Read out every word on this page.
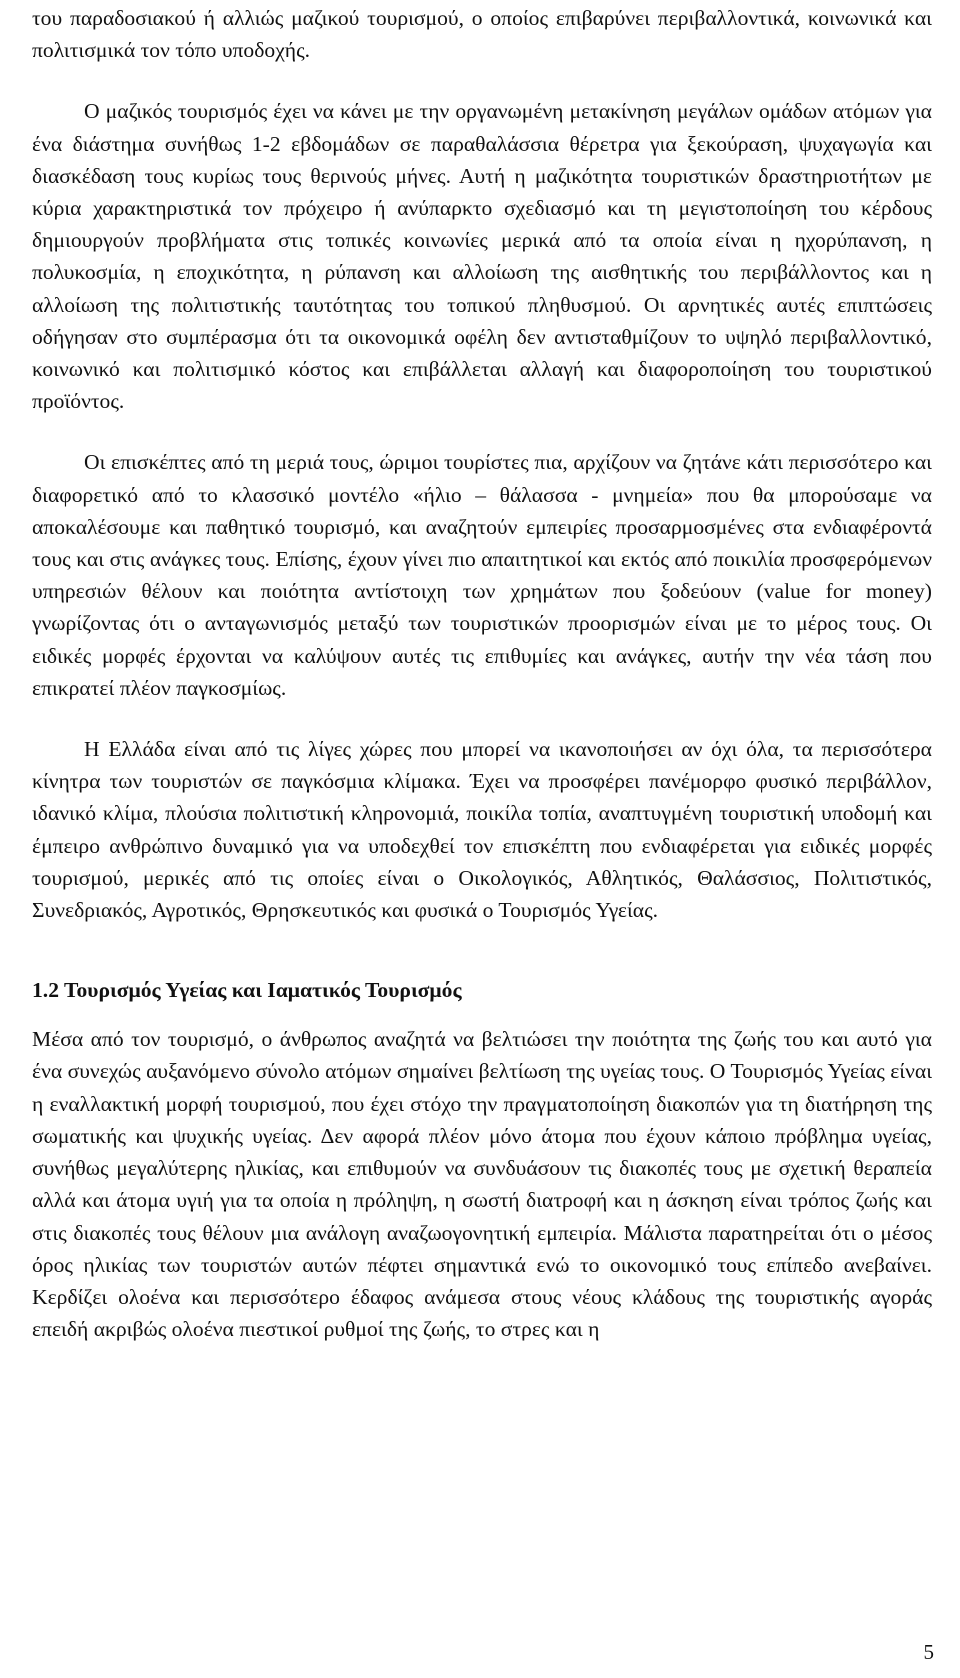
του παραδοσιακού ή αλλιώς μαζικού τουρισμού, ο οποίος επιβαρύνει περιβαλλοντικά, κοινωνικά και πολιτισμικά τον τόπο υποδοχής.

Ο μαζικός τουρισμός έχει να κάνει με την οργανωμένη μετακίνηση μεγάλων ομάδων ατόμων για ένα διάστημα συνήθως 1-2 εβδομάδων σε παραθαλάσσια θέρετρα για ξεκούραση, ψυχαγωγία και διασκέδαση τους κυρίως τους θερινούς μήνες. Αυτή η μαζικότητα τουριστικών δραστηριοτήτων με κύρια χαρακτηριστικά τον πρόχειρο ή ανύπαρκτο σχεδιασμό και τη μεγιστοποίηση του κέρδους δημιουργούν προβλήματα στις τοπικές κοινωνίες μερικά από τα οποία είναι η ηχορύπανση, η πολυκοσμία, η εποχικότητα, η ρύπανση και αλλοίωση της αισθητικής του περιβάλλοντος και η αλλοίωση της πολιτιστικής ταυτότητας του τοπικού πληθυσμού. Οι αρνητικές αυτές επιπτώσεις οδήγησαν στο συμπέρασμα ότι τα οικονομικά οφέλη δεν αντισταθμίζουν το υψηλό περιβαλλοντικό, κοινωνικό και πολιτισμικό κόστος και επιβάλλεται αλλαγή και διαφοροποίηση του τουριστικού προϊόντος.

Οι επισκέπτες από τη μεριά τους, ώριμοι τουρίστες πια, αρχίζουν να ζητάνε κάτι περισσότερο και διαφορετικό από το κλασσικό μοντέλο «ήλιο – θάλασσα - μνημεία» που θα μπορούσαμε να αποκαλέσουμε και παθητικό τουρισμό, και αναζητούν εμπειρίες προσαρμοσμένες στα ενδιαφέροντά τους και στις ανάγκες τους. Επίσης, έχουν γίνει πιο απαιτητικοί και εκτός από ποικιλία προσφερόμενων υπηρεσιών θέλουν και ποιότητα αντίστοιχη των χρημάτων που ξοδεύουν (value for money) γνωρίζοντας ότι ο ανταγωνισμός μεταξύ των τουριστικών προορισμών είναι με το μέρος τους. Οι ειδικές μορφές έρχονται να καλύψουν αυτές τις επιθυμίες και ανάγκες, αυτήν την νέα τάση που επικρατεί πλέον παγκοσμίως.

Η Ελλάδα είναι από τις λίγες χώρες που μπορεί να ικανοποιήσει αν όχι όλα, τα περισσότερα κίνητρα των τουριστών σε παγκόσμια κλίμακα. Έχει να προσφέρει πανέμορφο φυσικό περιβάλλον, ιδανικό κλίμα, πλούσια πολιτιστική κληρονομιά, ποικίλα τοπία, αναπτυγμένη τουριστική υποδομή και έμπειρο ανθρώπινο δυναμικό για να υποδεχθεί τον επισκέπτη που ενδιαφέρεται για ειδικές μορφές τουρισμού, μερικές από τις οποίες είναι ο Οικολογικός, Αθλητικός, Θαλάσσιος, Πολιτιστικός, Συνεδριακός, Αγροτικός, Θρησκευτικός και φυσικά ο Τουρισμός Υγείας.

1.2 Τουρισμός Υγείας και Ιαματικός Τουρισμός

Μέσα από τον τουρισμό, ο άνθρωπος αναζητά να βελτιώσει την ποιότητα της ζωής του και αυτό για ένα συνεχώς αυξανόμενο σύνολο ατόμων σημαίνει βελτίωση της υγείας τους. Ο Τουρισμός Υγείας είναι η εναλλακτική μορφή τουρισμού, που έχει στόχο την πραγματοποίηση διακοπών για τη διατήρηση της σωματικής και ψυχικής υγείας. Δεν αφορά πλέον μόνο άτομα που έχουν κάποιο πρόβλημα υγείας, συνήθως μεγαλύτερης ηλικίας, και επιθυμούν να συνδυάσουν τις διακοπές τους με σχετική θεραπεία αλλά και άτομα υγιή για τα οποία η πρόληψη, η σωστή διατροφή και η άσκηση είναι τρόπος ζωής και στις διακοπές τους θέλουν μια ανάλογη αναζωογονητική εμπειρία. Μάλιστα παρατηρείται ότι ο μέσος όρος ηλικίας των τουριστών αυτών πέφτει σημαντικά ενώ το οικονομικό τους επίπεδο ανεβαίνει. Κερδίζει ολοένα και περισσότερο έδαφος ανάμεσα στους νέους κλάδους της τουριστικής αγοράς επειδή ακριβώς ολοένα πιεστικοί ρυθμοί της ζωής, το στρες και η

5
